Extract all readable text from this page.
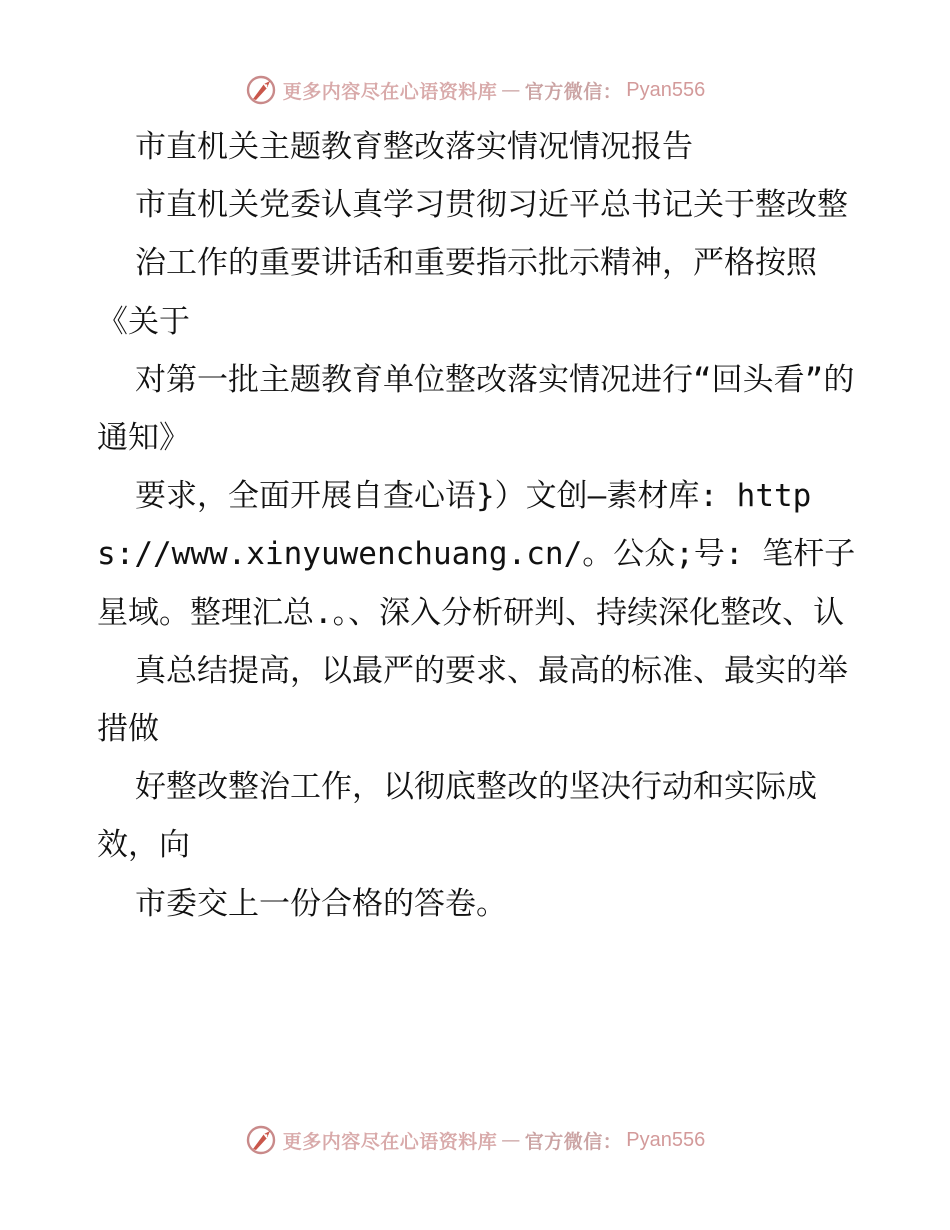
更多内容尽在心语资料库 — 官方微信： Pyan556

市直机关主题教育整改落实情况情况报告

市直机关党委认真学习贯彻习近平总书记关于整改整

治工作的重要讲话和重要指示批示精神，严格按照《关于

对第一批主题教育单位整改落实情况进行“回头看”的通知》

要求，全面开展自查心语}）文创—素材库: https://www.xinyuwenchuang.cn/。公众;号: 笔杆子星域。整理汇总.。、深入分析研判、持续深化整改、认

真总结提高，以最严的要求、最高的标准、最实的举措做

好整改整治工作，以彻底整改的坚决行动和实际成效，向

市委交上一份合格的答卷。

更多内容尽在心语资料库 — 官方微信： Pyan556
